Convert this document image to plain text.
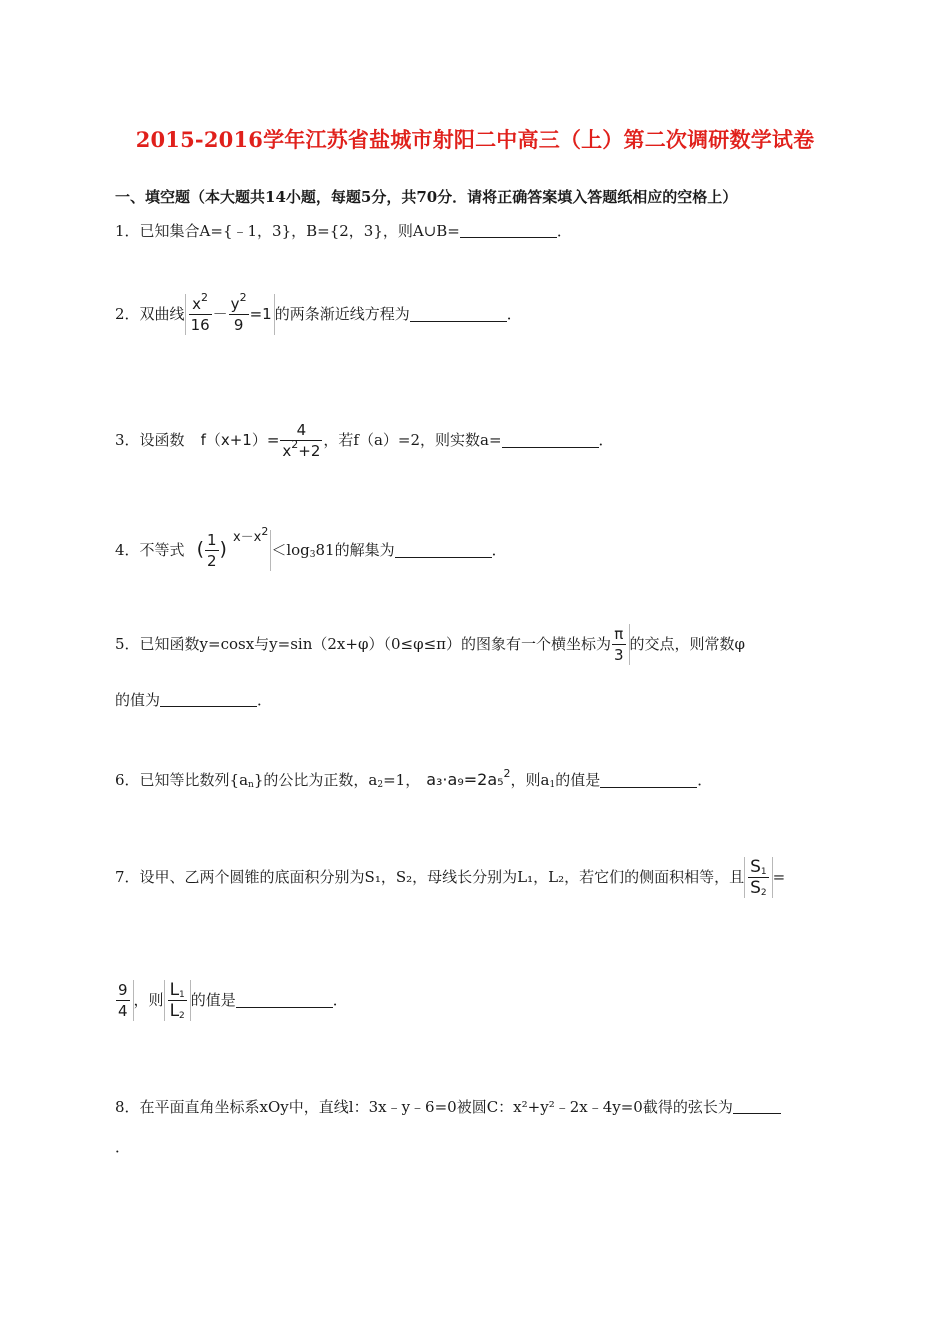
2015-2016学年江苏省盐城市射阳二中高三（上）第二次调研数学试卷
一、填空题（本大题共14小题，每题5分，共70分．请将正确答案填入答题纸相应的空格上）
1．已知集合A={﹣1，3}，B={2，3}，则A∪B=	．
2． 双曲线 $\frac{x^2}{16} - \frac{y^2}{9} =1$ 的两条渐近线方程为	．
3． 设函数 $f(x+1)= \frac{4}{x^2+2}$ ，若f（a）=2，则实数a=	．
4． 不等式 ( $\frac{1}{2} )^{x-x^2}$
$<\log_381$的解集为	．
5． 已知函数y=cosx与y=sin（2x+φ）（0≤φ≤π）的图象有一个横坐标为 $\frac{\pi}{3}$ 的交点，则常数φ
的值为	．
6． 已知等比数列$\{a_n\}$的公比为正数，$a_2=1$， a₃·a₉=2a₅$^2$ ，则$a_1$的值是	．
7． 设甲、乙两个圆锥的底面积分别为S₁，S₂，母线长分别为L₁，L₂，若它们的侧面积相等，且 $\frac{S_1}{S_2}$ =
$\frac{9}{4}$ ，则 $\frac{L_1}{L_2}$ 的值是	．
8．在平面直角坐标系xOy中，直线l：3x﹣y﹣6=0被圆C：x²+y²﹣2x﹣4y=0截得的弦长为
．
